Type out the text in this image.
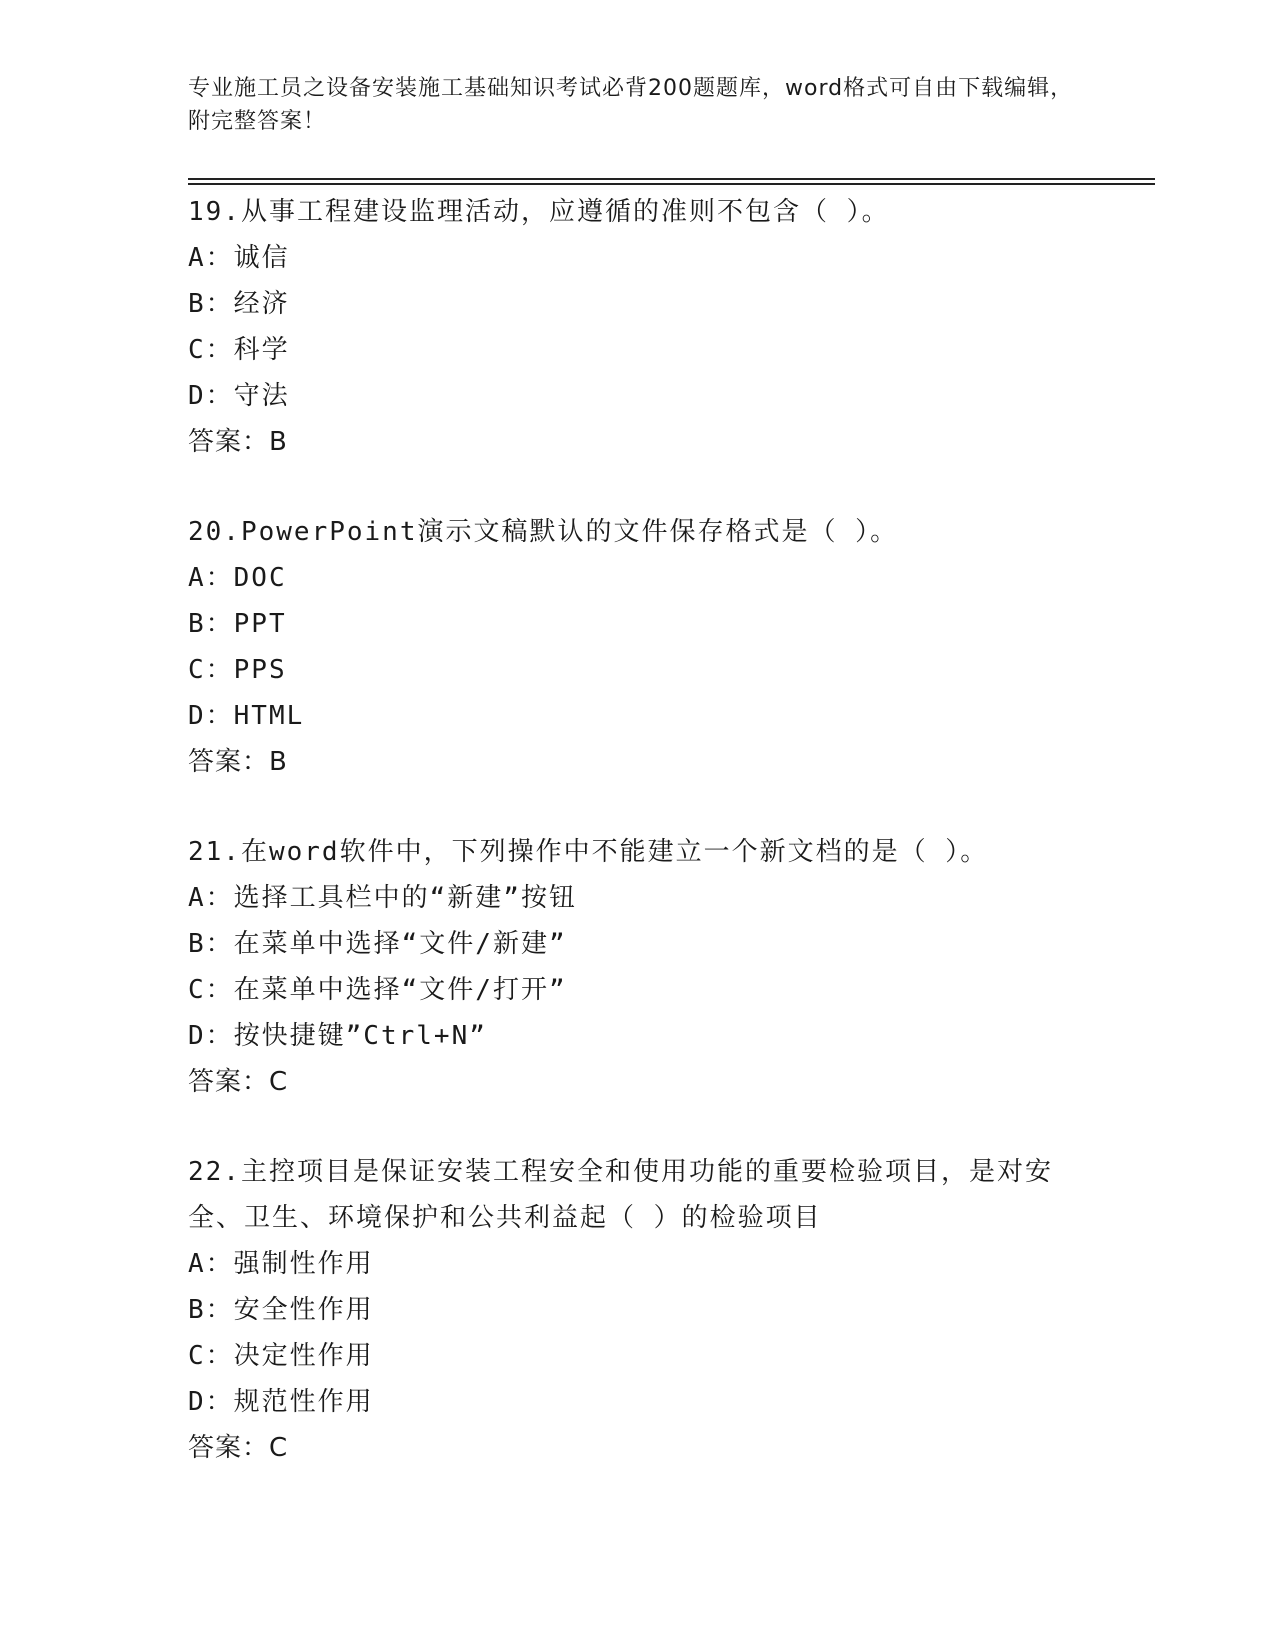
专业施工员之设备安装施工基础知识考试必背200题题库，word格式可自由下载编辑，附完整答案！
19.从事工程建设监理活动，应遵循的准则不包含（ ）。
A：诚信
B：经济
C：科学
D：守法
答案：B
20.PowerPoint演示文稿默认的文件保存格式是（ ）。
A：DOC
B：PPT
C：PPS
D：HTML
答案：B
21.在word软件中，下列操作中不能建立一个新文档的是（ ）。
A：选择工具栏中的“新建”按钮
B：在菜单中选择“文件/新建”
C：在菜单中选择“文件/打开”
D：按快捷键”Ctrl+N”
答案：C
22.主控项目是保证安装工程安全和使用功能的重要检验项目，是对安全、卫生、环境保护和公共利益起（ ）的检验项目
A：强制性作用
B：安全性作用
C：决定性作用
D：规范性作用
答案：C
